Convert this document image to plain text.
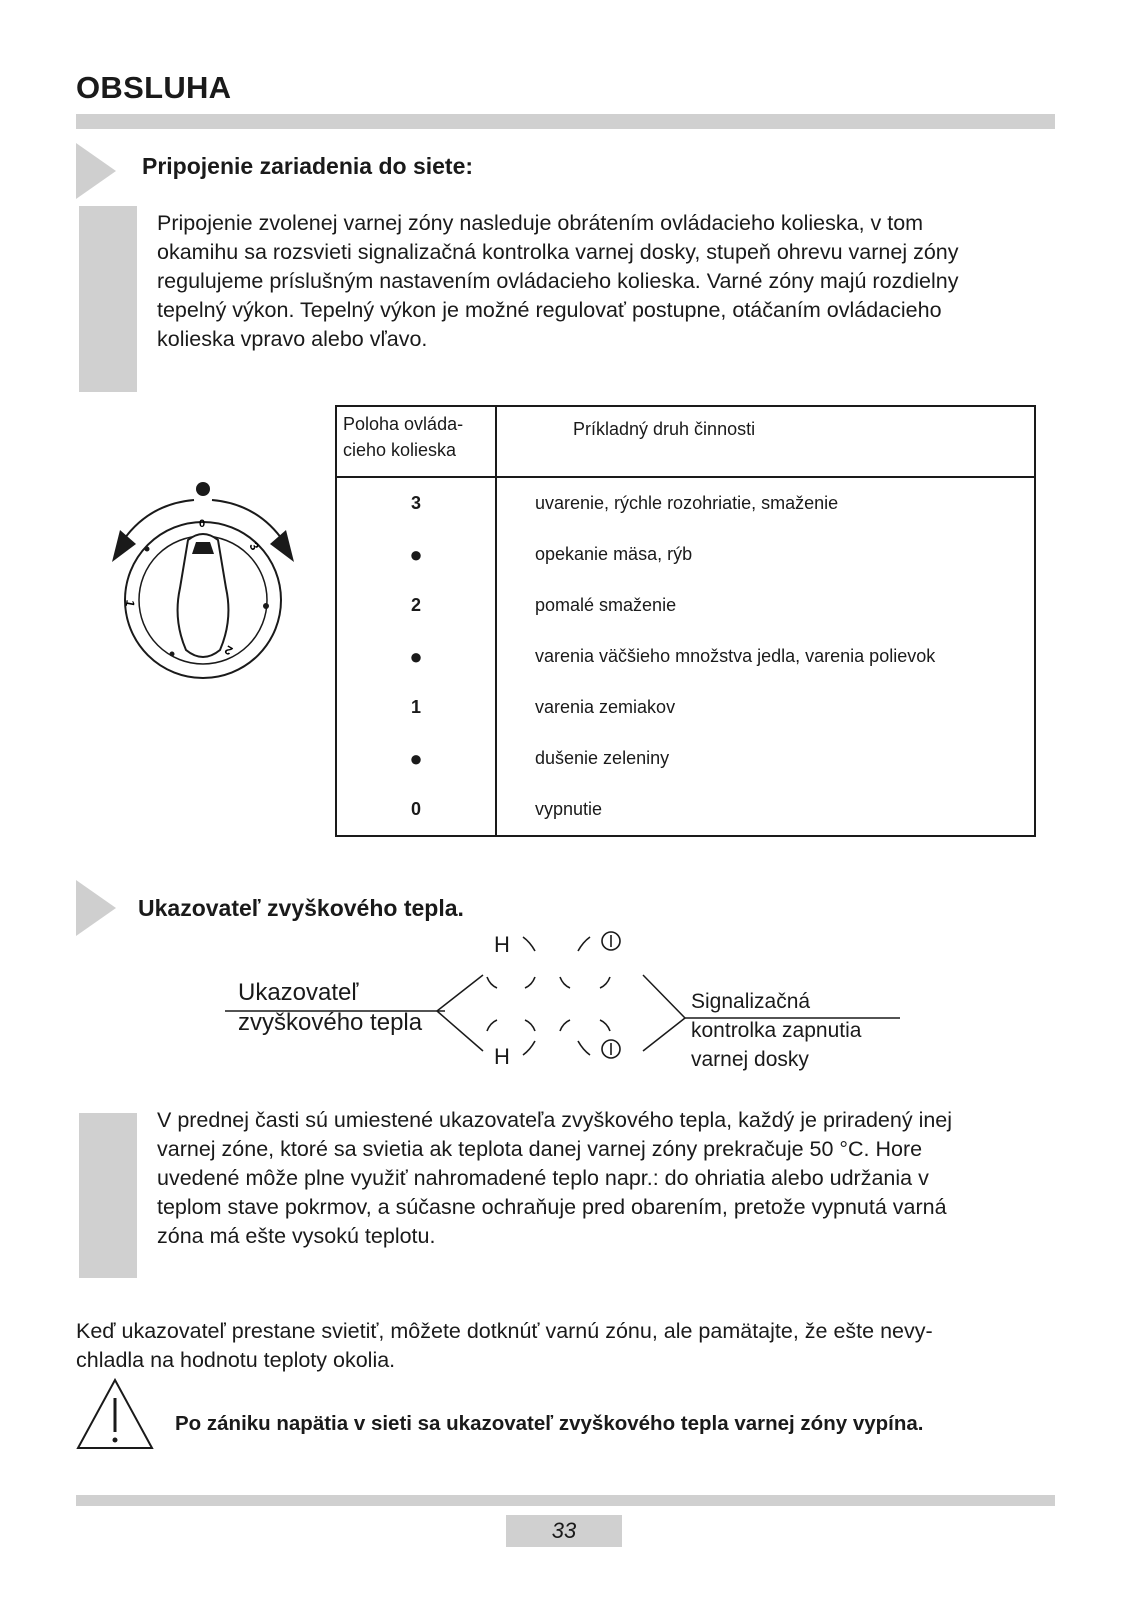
OBSLUHA
Pripojenie zariadenia do siete:
Pripojenie zvolenej varnej zóny nasleduje obrátením ovládacieho kolieska, v tom
okamihu sa rozsvieti signalizačná kontrolka varnej dosky, stupeň ohrevu varnej zóny
regulujeme príslušným nastavením ovládacieho kolieska. Varné zóny majú rozdielny
tepelný výkon. Tepelný výkon je možné regulovať postupne, otáčaním ovládacieho
kolieska vpravo alebo vľavo.
0
3
1
2
Poloha ovláda-
cieho kolieska
Príkladný druh činnosti
3	uvarenie, rýchle rozohriatie, smaženie
●	opekanie mäsa, rýb
2	pomalé smaženie
●	varenia väčšieho množstva jedla, varenia polievok
1	varenia zemiakov
●	dušenie zeleniny
0	vypnutie
Ukazovateľ zvyškového tepla.
Ukazovateľ
zvyškového tepla
Signalizačná
kontrolka zapnutia
varnej dosky
H
H
V prednej časti sú umiestené ukazovateľa zvyškového tepla, každý je priradený inej
varnej zóne, ktoré sa svietia ak teplota danej varnej zóny prekračuje 50 °C. Hore
uvedené môže plne využiť nahromadené teplo napr.: do ohriatia alebo udržania v
teplom stave pokrmov, a súčasne ochraňuje pred obarením, pretože vypnutá varná
zóna má ešte vysokú teplotu.
Keď ukazovateľ prestane svietiť, môžete dotknúť varnú zónu, ale pamätajte, že ešte nevy-
chladla na hodnotu teploty okolia.
Po zániku napätia v sieti sa ukazovateľ zvyškového tepla varnej zóny vypína.
33
